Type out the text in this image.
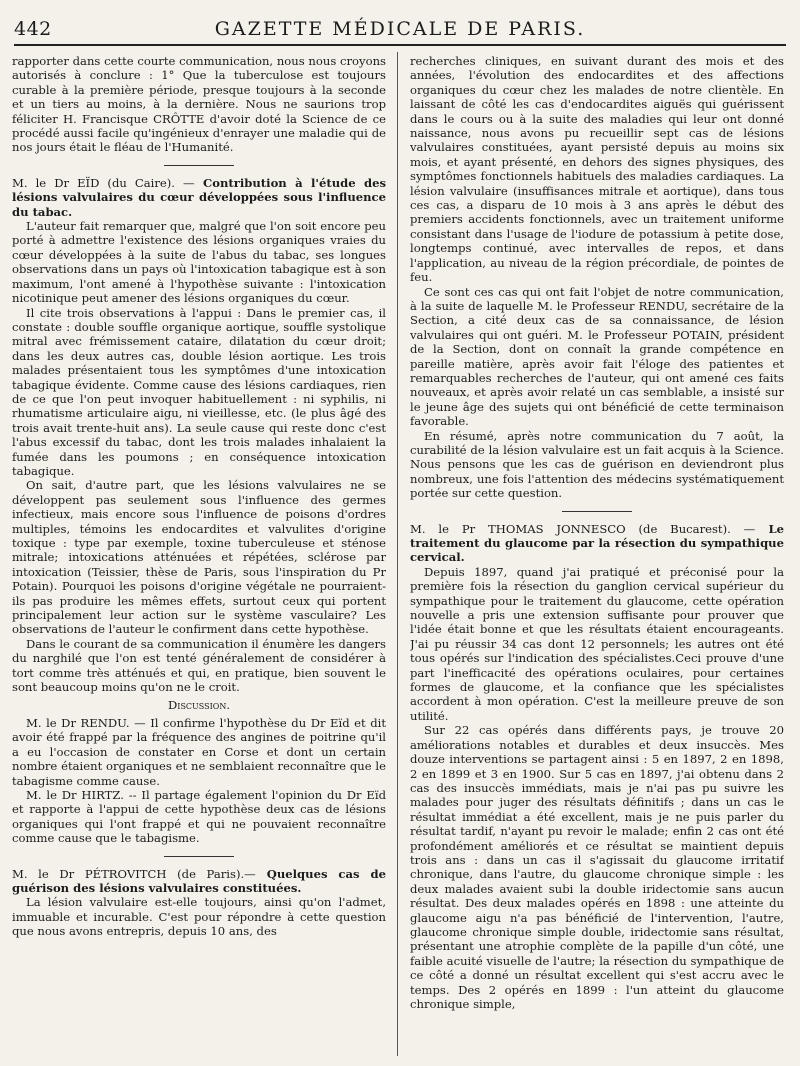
GAZETTE MÉDICALE DE PARIS.
442

rapporter dans cette courte communication, nous nous croyons autorisés à conclure : 1° Que la tuberculose est toujours curable à la première période, presque toujours à la seconde et un tiers au moins, à la dernière. Nous ne saurions trop féliciter H. Francisque CRÔTTE d'avoir doté la Science de ce procédé aussi facile qu'ingénieux d'enrayer une maladie qui de nos jours était le fléau de l'Humanité.

M. le Dr EÏD (du Caire). — Contribution à l'étude des lésions valvulaires du cœur développées sous l'influence du tabac.

L'auteur fait remarquer que, malgré que l'on soit encore peu porté à admettre l'existence des lésions organiques vraies du cœur développées à la suite de l'abus du tabac, ses longues observations dans un pays où l'intoxication tabagique est à son maximum, l'ont amené à l'hypothèse suivante : l'intoxication nicotinique peut amener des lésions organiques du cœur.

Il cite trois observations à l'appui : Dans le premier cas, il constate : double souffle organique aortique, souffle systolique mitral avec frémissement cataire, dilatation du cœur droit; dans les deux autres cas, double lésion aortique. Les trois malades présentaient tous les symptômes d'une intoxication tabagique évidente. Comme cause des lésions cardiaques, rien de ce que l'on peut invoquer habituellement : ni syphilis, ni rhumatisme articulaire aigu, ni vieillesse, etc. (le plus âgé des trois avait trente-huit ans). La seule cause qui reste donc c'est l'abus excessif du tabac, dont les trois malades inhalaient la fumée dans les poumons ; en conséquence intoxication tabagique.

On sait, d'autre part, que les lésions valvulaires ne se développent pas seulement sous l'influence des germes infectieux, mais encore sous l'influence de poisons d'ordres multiples, témoins les endocardites et valvulites d'origine toxique : type par exemple, toxine tuberculeuse et sténose mitrale; intoxications atténuées et répétées, sclérose par intoxication (Teissier, thèse de Paris, sous l'inspiration du Pr Potain). Pourquoi les poisons d'origine végétale ne pourraient-ils pas produire les mêmes effets, surtout ceux qui portent principalement leur action sur le système vasculaire? Les observations de l'auteur le confirment dans cette hypothèse.

Dans le courant de sa communication il énumère les dangers du narghilé que l'on est tenté généralement de considérer à tort comme très atténués et qui, en pratique, bien souvent le sont beaucoup moins qu'on ne le croit.

Discussion.

M. le Dr RENDU. — Il confirme l'hypothèse du Dr Eïd et dit avoir été frappé par la fréquence des angines de poitrine qu'il a eu l'occasion de constater en Corse et dont un certain nombre étaient organiques et ne semblaient reconnaître que le tabagisme comme cause.

M. le Dr HIRTZ. -- Il partage également l'opinion du Dr Eïd et rapporte à l'appui de cette hypothèse deux cas de lésions organiques qui l'ont frappé et qui ne pouvaient reconnaître comme cause que le tabagisme.

M. le Dr PÉTROVITCH (de Paris).— Quelques cas de guérison des lésions valvulaires constituées.

La lésion valvulaire est-elle toujours, ainsi qu'on l'admet, immuable et incurable. C'est pour répondre à cette question que nous avons entrepris, depuis 10 ans, des

recherches cliniques, en suivant durant des mois et des années, l'évolution des endocardites et des affections organiques du cœur chez les malades de notre clientèle. En laissant de côté les cas d'endocardites aiguës qui guérissent dans le cours ou à la suite des maladies qui leur ont donné naissance, nous avons pu recueillir sept cas de lésions valvulaires constituées, ayant persisté depuis au moins six mois, et ayant présenté, en dehors des signes physiques, des symptômes fonctionnels habituels des maladies cardiaques. La lésion valvulaire (insuffisances mitrale et aortique), dans tous ces cas, a disparu de 10 mois à 3 ans après le début des premiers accidents fonctionnels, avec un traitement uniforme consistant dans l'usage de l'iodure de potassium à petite dose, longtemps continué, avec intervalles de repos, et dans l'application, au niveau de la région précordiale, de pointes de feu.

Ce sont ces cas qui ont fait l'objet de notre communication, à la suite de laquelle M. le Professeur RENDU, secrétaire de la Section, a cité deux cas de sa connaissance, de lésion valvulaires qui ont guéri. M. le Professeur POTAIN, président de la Section, dont on connaît la grande compétence en pareille matière, après avoir fait l'éloge des patientes et remarquables recherches de l'auteur, qui ont amené ces faits nouveaux, et après avoir relaté un cas semblable, a insisté sur le jeune âge des sujets qui ont bénéficié de cette terminaison favorable.

En résumé, après notre communication du 7 août, la curabilité de la lésion valvulaire est un fait acquis à la Science. Nous pensons que les cas de guérison en deviendront plus nombreux, une fois l'attention des médecins systématiquement portée sur cette question.

M. le Pr THOMAS JONNESCO (de Bucarest). — Le traitement du glaucome par la résection du sympathique cervical.

Depuis 1897, quand j'ai pratiqué et préconisé pour la première fois la résection du ganglion cervical supérieur du sympathique pour le traitement du glaucome, cette opération nouvelle a pris une extension suffisante pour prouver que l'idée était bonne et que les résultats étaient encourageants. J'ai pu réussir 34 cas dont 12 personnels; les autres ont été tous opérés sur l'indication des spécialistes.Ceci prouve d'une part l'inefficacité des opérations oculaires, pour certaines formes de glaucome, et la confiance que les spécialistes accordent à mon opération. C'est la meilleure preuve de son utilité.

Sur 22 cas opérés dans différents pays, je trouve 20 améliorations notables et durables et deux insuccès. Mes douze interventions se partagent ainsi : 5 en 1897, 2 en 1898, 2 en 1899 et 3 en 1900. Sur 5 cas en 1897, j'ai obtenu dans 2 cas des insuccès immédiats, mais je n'ai pas pu suivre les malades pour juger des résultats définitifs ; dans un cas le résultat immédiat a été excellent, mais je ne puis parler du résultat tardif, n'ayant pu revoir le malade; enfin 2 cas ont été profondément améliorés et ce résultat se maintient depuis trois ans : dans un cas il s'agissait du glaucome irritatif chronique, dans l'autre, du glaucome chronique simple : les deux malades avaient subi la double iridectomie sans aucun résultat. Des deux malades opérés en 1898 : une atteinte du glaucome aigu n'a pas bénéficié de l'intervention, l'autre, glaucome chronique simple double, iridectomie sans résultat, présentant une atrophie complète de la papille d'un côté, une faible acuité visuelle de l'autre; la résection du sympathique de ce côté a donné un résultat excellent qui s'est accru avec le temps. Des 2 opérés en 1899 : l'un atteint du glaucome chronique simple,
